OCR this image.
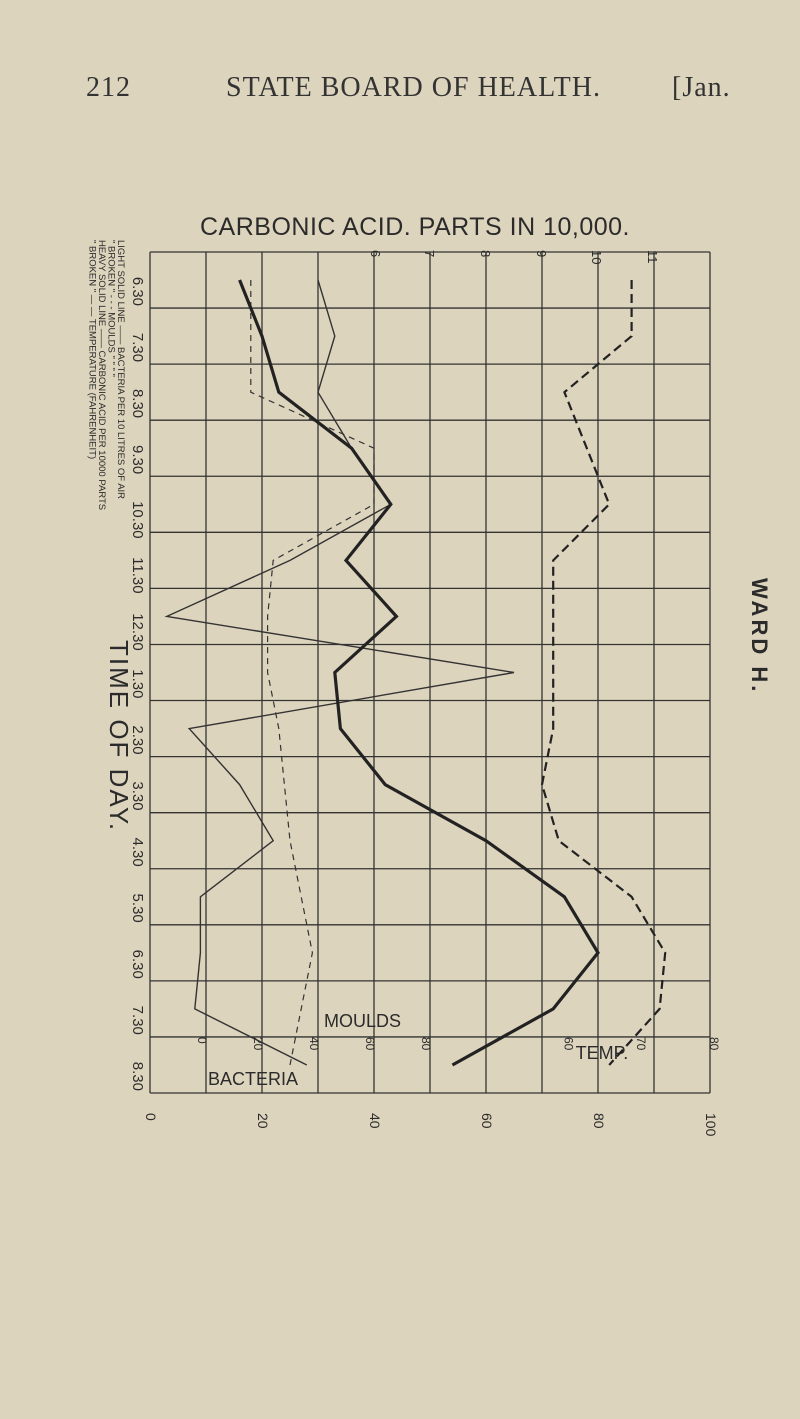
212	STATE BOARD OF HEALTH.	[Jan.
CARBONIC ACID. PARTS IN 10,000.
6	7	8	9	10	11
0	20	40	60	80	100
6.30
7.30
8.30
9.30
10.30
11.30
12.30
1.30
2.30
3.30
4.30
5.30
6.30
7.30
8.30
TIME OF DAY.
LIGHT SOLID LINE —— BACTERIA PER 10 LITRES OF AIR
" BROKEN " - - - MOULDS " " " "
HEAVY SOLID LINE —— CARBONIC ACID PER 10000 PARTS
" BROKEN " — — TEMPERATURE (FAHRENHEIT)
BACTERIA
MOULDS
TEMP.
0	20	40	60	80	60	70	80
WARD H.
